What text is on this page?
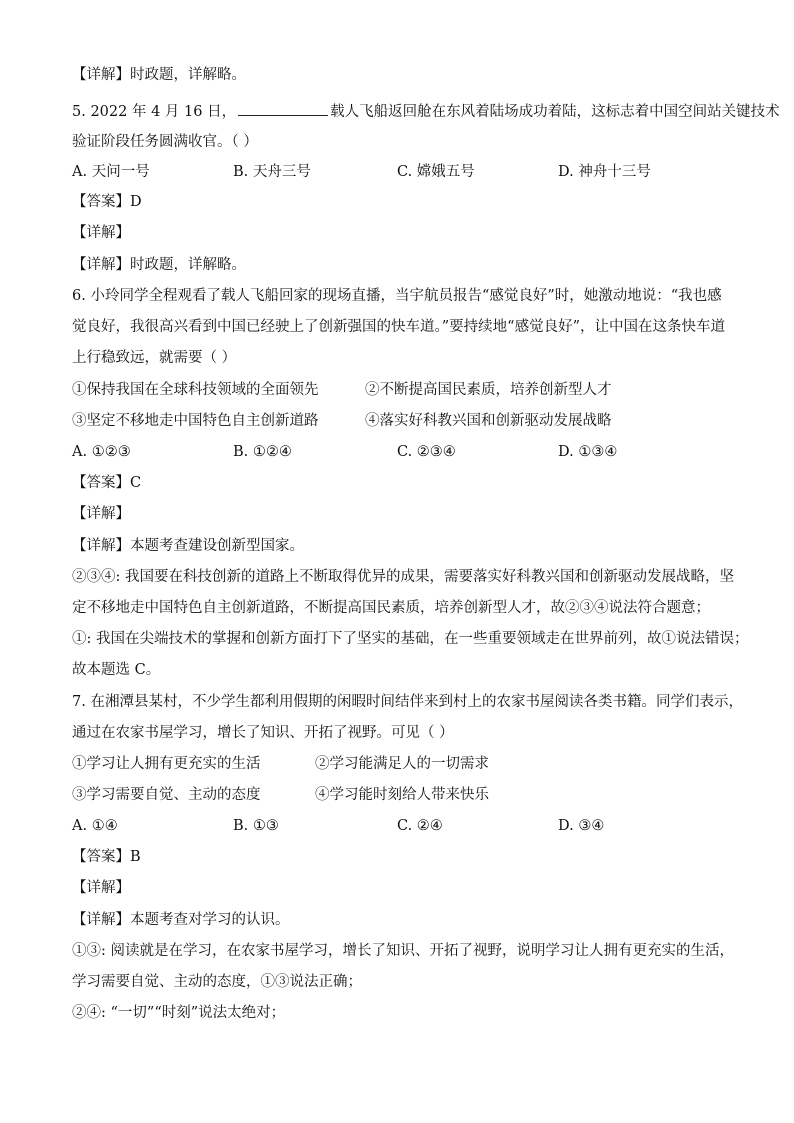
【详解】时政题，详解略。
5. 2022 年 4 月 16 日，	载人飞船返回舱在东风着陆场成功着陆，这标志着中国空间站关键技术
验证阶段任务圆满收官。（ ）
A. 天问一号	B. 天舟三号	C. 嫦娥五号	D. 神舟十三号
【答案】D
【详解】
【详解】时政题，详解略。
6. 小玲同学全程观看了载人飞船回家的现场直播，当宇航员报告“感觉良好”时，她激动地说：“我也感
觉良好，我很高兴看到中国已经驶上了创新强国的快车道。”要持续地“感觉良好”，让中国在这条快车道
上行稳致远，就需要（ ）
①保持我国在全球科技领域的全面领先	②不断提高国民素质，培养创新型人才
③坚定不移地走中国特色自主创新道路	④落实好科教兴国和创新驱动发展战略
A. ①②③	B. ①②④	C. ②③④	D. ①③④
【答案】C
【详解】
【详解】本题考查建设创新型国家。
②③④: 我国要在科技创新的道路上不断取得优异的成果，需要落实好科教兴国和创新驱动发展战略，坚
定不移地走中国特色自主创新道路，不断提高国民素质，培养创新型人才，故②③④说法符合题意；
①: 我国在尖端技术的掌握和创新方面打下了坚实的基础，在一些重要领域走在世界前列，故①说法错误；
故本题选 C。
7. 在湘潭县某村，不少学生都利用假期的闲暇时间结伴来到村上的农家书屋阅读各类书籍。同学们表示，
通过在农家书屋学习，增长了知识、开拓了视野。可见（ ）
①学习让人拥有更充实的生活	②学习能满足人的一切需求
③学习需要自觉、主动的态度	④学习能时刻给人带来快乐
A. ①④	B. ①③	C. ②④	D. ③④
【答案】B
【详解】
【详解】本题考查对学习的认识。
①③: 阅读就是在学习，在农家书屋学习，增长了知识、开拓了视野，说明学习让人拥有更充实的生活，
学习需要自觉、主动的态度，①③说法正确；
②④: “一切”“时刻”说法太绝对；
